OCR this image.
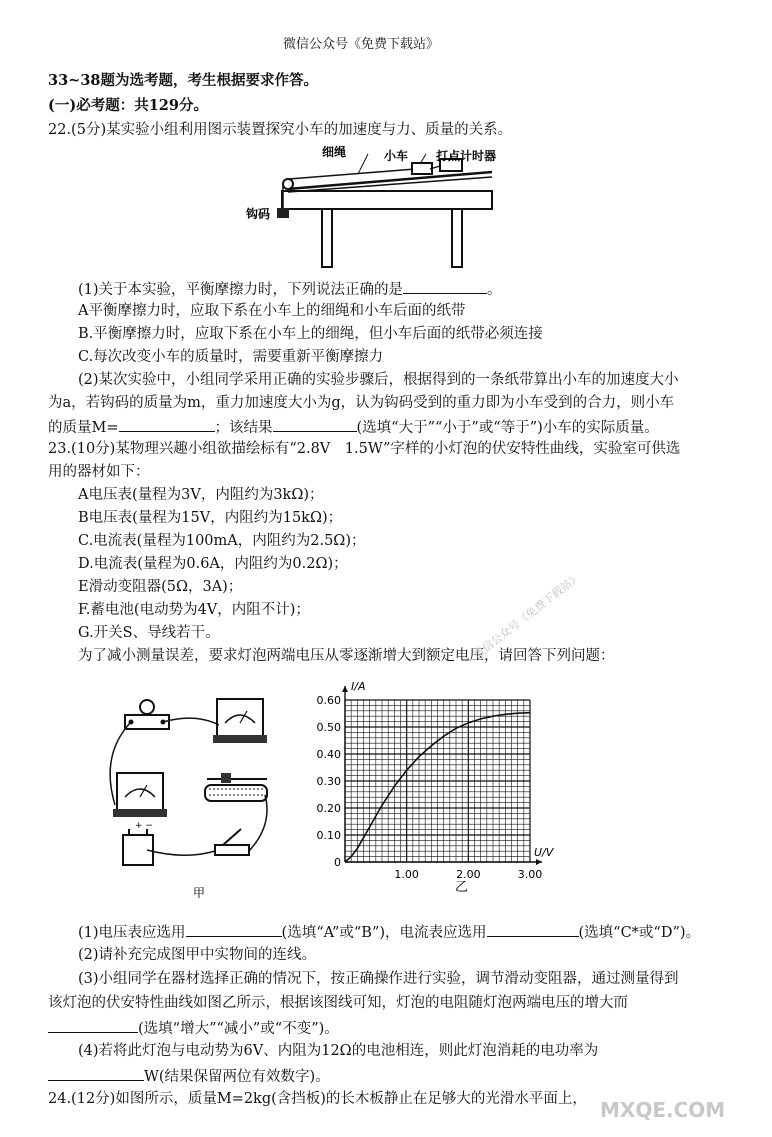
微信公众号《免费下载站》
33~38题为选考题，考生根据要求作答。
(一)必考题：共129分。
22.(5分)某实验小组利用图示装置探究小车的加速度与力、质量的关系。
细绳	小车 打点计时器
钩码
(1)关于本实验，平衡摩擦力时，下列说法正确的是	。
A平衡摩擦力时，应取下系在小车上的细绳和小车后面的纸带
B.平衡摩擦力时，应取下系在小车上的细绳，但小车后面的纸带必须连接
C.每次改变小车的质量时，需要重新平衡摩擦力
(2)某次实验中，小组同学采用正确的实验步骤后，根据得到的一条纸带算出小车的加速度大小
为a，若钩码的质量为m，重力加速度大小为g，认为钩码受到的重力即为小车受到的合力，则小车
的质量M=	；该结果	(选填“大于”“小于”或“等于”)小车的实际质量。
23.(10分)某物理兴趣小组欲描绘标有“2.8V　1.5W”字样的小灯泡的伏安特性曲线，实验室可供选
用的器材如下：
A电压表(量程为3V，内阻约为3kΩ)；
B电压表(量程为15V，内阻约为15kΩ)；
C.电流表(量程为100mA，内阻约为2.5Ω)；
D.电流表(量程为0.6A，内阻约为0.2Ω)；
E滑动变阻器(5Ω，3A)；
F.蓄电池(电动势为4V，内阻不计)；
G.开关S、导线若干。
为了减小测量误差，要求灯泡两端电压从零逐渐增大到额定电压，请回答下列问题：
+ −
甲
I/A
U/V
0.10
0.20
0.30
0.40
0.50
0.60
1.00	2.00	3.00
0
乙
(1)电压表应选用	(选填“A”或“B”)，电流表应选用	(选填“C*或“D”)。
(2)请补充完成图甲中实物间的连线。
(3)小组同学在器材选择正确的情况下，按正确操作进行实验，调节滑动变阻器，通过测量得到
该灯泡的伏安特性曲线如图乙所示，根据该图线可知，灯泡的电阻随灯泡两端电压的增大而
(选填“增大”“减小”或“不变”)。
(4)若将此灯泡与电动势为6V、内阻为12Ω的电池相连，则此灯泡消耗的电功率为
W(结果保留两位有效数字)。
24.(12分)如图所示，质量M=2kg(含挡板)的长木板静止在足够大的光滑水平面上，
微信公众号《免费下载站》
MXQE.COM
